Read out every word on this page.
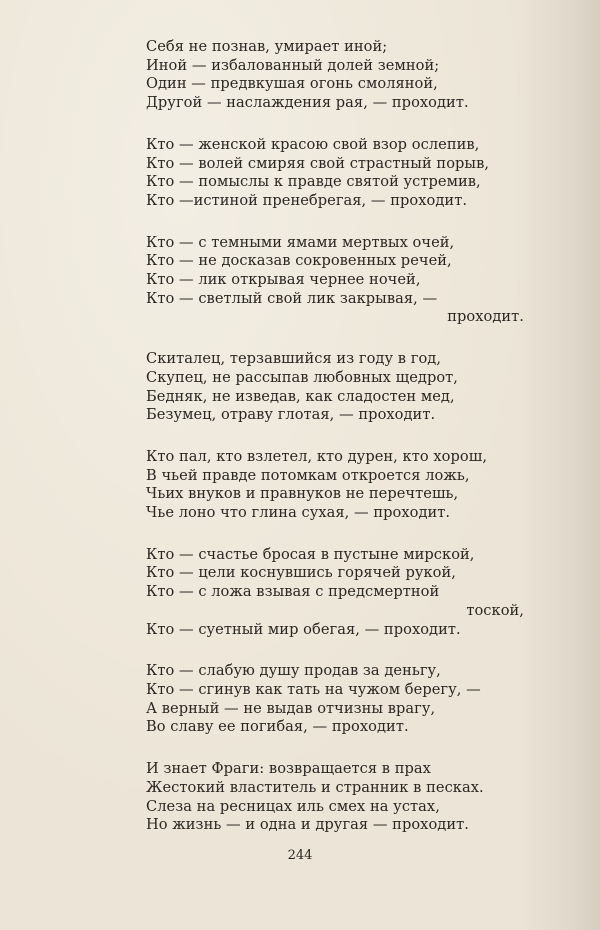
Себя не познав, умирает иной;
Иной — избалованный долей земной;
Один — предвкушая огонь смоляной,
Другой — наслаждения рая, — проходит.
Кто — женской красою свой взор ослепив,
Кто — волей смиряя свой страстный порыв,
Кто — помыслы к правде святой устремив,
Кто —истиной пренебрегая, — проходит.
Кто — с темными ямами мертвых очей,
Кто — не досказав сокровенных речей,
Кто — лик открывая чернее ночей,
Кто — светлый свой лик закрывая, —
проходит.
Скиталец, терзавшийся из году в год,
Скупец, не рассыпав любовных щедрот,
Бедняк, не изведав, как сладостен мед,
Безумец, отраву глотая, — проходит.
Кто пал, кто взлетел, кто дурен, кто хорош,
В чьей правде потомкам откроется ложь,
Чьих внуков и правнуков не перечтешь,
Чье лоно что глина сухая, — проходит.
Кто — счастье бросая в пустыне мирской,
Кто — цели коснувшись горячей рукой,
Кто — с ложа взывая с предсмертной
тоской,
Кто — суетный мир обегая, — проходит.
Кто — слабую душу продав за деньгу,
Кто — сгинув как тать на чужом берегу, —
А верный — не выдав отчизны врагу,
Во славу ее погибая, — проходит.
И знает Фраги: возвращается в прах
Жестокий властитель и странник в песках.
Слеза на ресницах иль смех на устах,
Но жизнь — и одна и другая — проходит.
244
